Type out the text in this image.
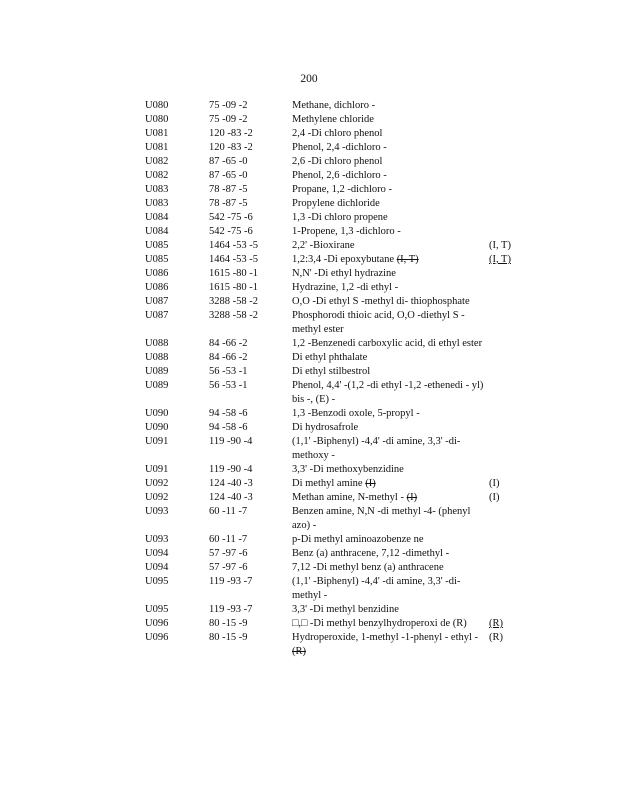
200
U080	75 -09 -2	Methane, dichloro -
U080	75 -09 -2	Methylene chloride
U081	120 -83 -2	2,4 -Di chloro phenol
U081	120 -83 -2	Phenol, 2,4 -dichloro -
U082	87 -65 -0	2,6 -Di chloro phenol
U082	87 -65 -0	Phenol, 2,6 -dichloro -
U083	78 -87 -5	Propane, 1,2 -dichloro -
U083	78 -87 -5	Propylene dichloride
U084	542 -75 -6	1,3 -Di chloro propene
U084	542 -75 -6	1-Propene, 1,3 -dichloro -
U085	1464 -53 -5	2,2' -Bioxirane	(I, T)
U085	1464 -53 -5	1,2:3,4 -Di epoxybutane (I, T)	(I, T)
U086	1615 -80 -1	N,N' -Di ethyl hydrazine
U086	1615 -80 -1	Hydrazine, 1,2 -di ethyl -
U087	3288 -58 -2	O,O -Di ethyl S -methyl di- thiophosphate
U087	3288 -58 -2	Phosphorodi thioic acid, O,O -diethyl S -methyl ester
U088	84 -66 -2	1,2 -Benzenedi carboxylic acid, di ethyl ester
U088	84 -66 -2	Di ethyl phthalate
U089	56 -53 -1	Di ethyl stilbestrol
U089	56 -53 -1	Phenol, 4,4' -(1,2 -di ethyl -1,2 -ethenedi - yl) bis -, (E) -
U090	94 -58 -6	1,3 -Benzodi oxole, 5-propyl -
U090	94 -58 -6	Di hydrosafrole
U091	119 -90 -4	(1,1' -Biphenyl) -4,4' -di amine, 3,3' -di- methoxy -
U091	119 -90 -4	3,3' -Di methoxybenzidine
U092	124 -40 -3	Di methyl amine (I)	(I)
U092	124 -40 -3	Methan amine, N-methyl - (I)	(I)
U093	60 -11 -7	Benzen amine, N,N -di methyl -4- (phenyl azo) -
U093	60 -11 -7	p-Di methyl aminoazobenze ne
U094	57 -97 -6	Benz (a) anthracene, 7,12 -dimethyl -
U094	57 -97 -6	7,12 -Di methyl benz (a) anthracene
U095	119 -93 -7	(1,1' -Biphenyl) -4,4' -di amine, 3,3' -di- methyl -
U095	119 -93 -7	3,3' -Di methyl benzidine
U096	80 -15 -9	□,□ -Di methyl benzylhydroperoxi de (R)	(R)
U096	80 -15 -9	Hydroperoxide, 1-methyl -1-phenyl - ethyl - (R)
(R)
